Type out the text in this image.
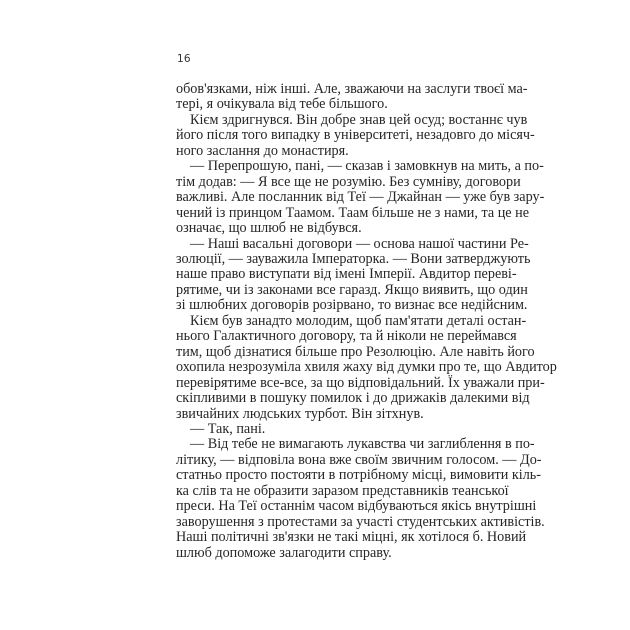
16
обов'язками, ніж інші. Але, зважаючи на заслуги твоєї ма-
тері, я очікувала від тебе більшого.
Кієм здригнувся. Він добре знав цей осуд; востаннє чув
його після того випадку в університеті, незадовго до місяч-
ного заслання до монастиря.
— Перепрошую, пані, — сказав і замовкнув на мить, а по-
тім додав: — Я все ще не розумію. Без сумніву, договори
важливі. Але посланник від Теї — Джайнан — уже був зару-
чений із принцом Таамом. Таам більше не з нами, та це не
означає, що шлюб не відбувся.
— Наші васальні договори — основа нашої частини Ре-
золюції, — зауважила Імператорка. — Вони затверджують
наше право виступати від імені Імперії. Авдитор переві-
рятиме, чи із законами все гаразд. Якщо виявить, що один
зі шлюбних договорів розірвано, то визнає все недійсним.
Кієм був занадто молодим, щоб пам'ятати деталі остан-
нього Галактичного договору, та й ніколи не переймався
тим, щоб дізнатися більше про Резолюцію. Але навіть його
охопила незрозуміла хвиля жаху від думки про те, що Авдитор
перевірятиме все-все, за що відповідальний. Їх уважали при-
скіпливими в пошуку помилок і до дрижаків далекими від
звичайних людських турбот. Він зітхнув.
— Так, пані.
— Від тебе не вимагають лукавства чи заглиблення в по-
літику, — відповіла вона вже своїм звичним голосом. — До-
статньо просто постояти в потрібному місці, вимовити кіль-
ка слів та не образити заразом представників теанської
преси. На Теї останнім часом відбуваються якісь внутрішні
заворушення з протестами за участі студентських активістів.
Наші політичні зв'язки не такі міцні, як хотілося б. Новий
шлюб допоможе залагодити справу.
